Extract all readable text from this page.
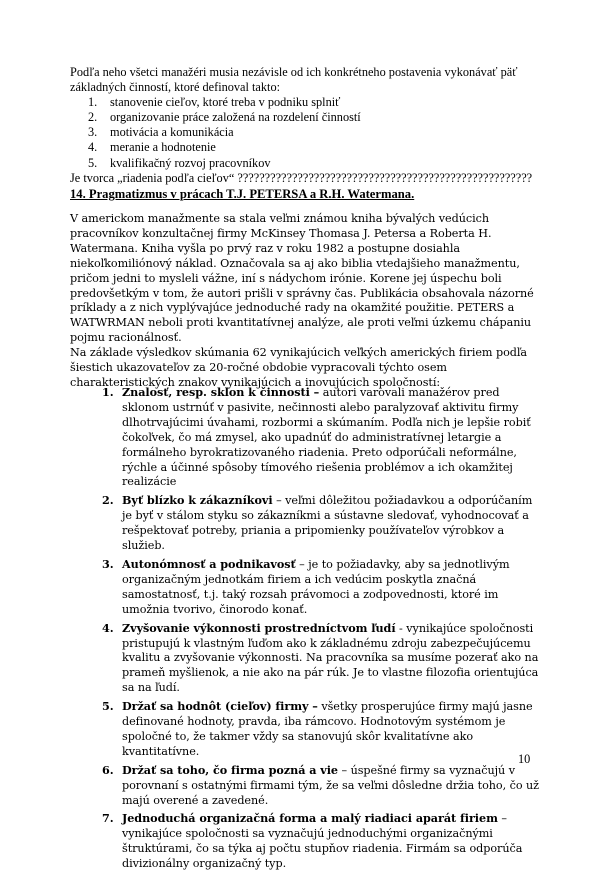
Podľa neho všetci manažéri musia nezávisle od ich konkrétneho postavenia vykonávať päť základných činností, ktoré definoval takto:

1. stanovenie cieľov, ktoré treba v podniku splniť
2. organizovanie práce založená na rozdelení činností
3. motivácia a komunikácia
4. meranie a hodnotenie
5. kvalifikačný rozvoj pracovníkov

Je tvorca „riadenia podľa cieľov“ ??????????????????????????????????????????????????????

14. Pragmatizmus v prácach T.J. PETERSA a R.H. Watermana.

V americkom manažmente sa stala veľmi známou kniha bývalých vedúcich pracovníkov konzultačnej firmy McKinsey Thomasa J. Petersa a Roberta H. Watermana. Kniha vyšla po prvý raz v roku 1982 a postupne dosiahla niekoľkomiliónový náklad. Označovala sa aj ako biblia vtedajšieho manažmentu, pričom jedni to mysleli vážne, iní s nádychom irónie. Korene jej úspechu boli predovšetkým v tom, že autori prišli v správny čas. Publikácia obsahovala názorné príklady a z nich vyplývajúce jednoduché rady na okamžité použitie. PETERS a WATWRMAN neboli proti kvantitatívnej analýze, ale proti veľmi úzkemu chápaniu pojmu racionálnosť.

Na základe výsledkov skúmania 62 vynikajúcich veľkých amerických firiem podľa šiestich ukazovateľov za 20-ročné obdobie vypracovali týchto osem charakteristických znakov vynikajúcich a inovujúcich spoločností:

1. Znalosť, resp. sklon k činnosti – autori varovali manažérov pred sklonom ustrnúť v pasivite, nečinnosti alebo paralyzovať aktivitu firmy dlhotrvajúcimi úvahami, rozbormi a skúmaním. Podľa nich je lepšie robiť čokoľvek, čo má zmysel, ako upadnúť do administratívnej letargie a formálneho byrokratizovaného riadenia. Preto odporúčali neformálne, rýchle a účinné spôsoby tímového riešenia problémov a ich okamžitej realizácie

2. Byť blízko k zákazníkovi – veľmi dôležitou požiadavkou a odporúčaním je byť v stálom styku so zákazníkmi a sústavne sledovať, vyhodnocovať a rešpektovať potreby, priania a pripomienky používateľov výrobkov a služieb.

3. Autonómnosť a podnikavosť – je to požiadavky, aby sa jednotlivým organizačným jednotkám firiem a ich vedúcim poskytla značná samostatnosť, t.j. taký rozsah právomoci a zodpovednosti, ktoré im umožnia tvorivo, činorodo konať.

4. Zvyšovanie výkonnosti prostredníctvom ľudí - vynikajúce spoločnosti pristupujú k vlastným ľuďom ako k základnému zdroju zabezpečujúcemu kvalitu a zvyšovanie výkonnosti. Na pracovníka sa musíme pozerať ako na prameň myšlienok, a nie ako na pár rúk. Je to vlastne filozofia orientujúca sa na ľudí.

5. Držať sa hodnôt (cieľov) firmy – všetky prosperujúce firmy majú jasne definované hodnoty, pravda, iba rámcovo. Hodnotovým systémom je spoločné to, že takmer vždy sa stanovujú skôr kvalitatívne ako kvantitatívne.

6. Držať sa toho, čo firma pozná a vie – úspešné firmy sa vyznačujú v porovnaní s ostatnými firmami tým, že sa veľmi dôsledne držia toho, čo už majú overené a zavedené.

7. Jednoduchá organizačná forma a malý riadiaci aparát firiem – vynikajúce spoločnosti sa vyznačujú jednoduchými organizačnými štruktúrami, čo sa týka aj počtu stupňov riadenia. Firmám sa odporúča divizionálny organizačný typ.

10
